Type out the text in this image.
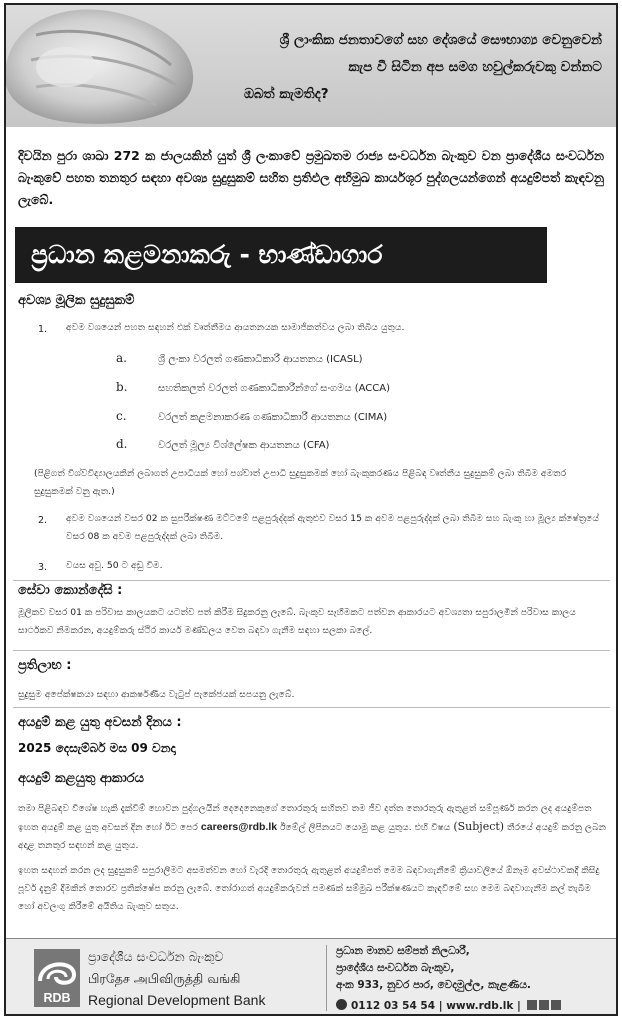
ශ්‍රී ලාංකික ජනතාවගේ සහ දේශයේ සෞභාග්‍ය වෙනුවෙන්
කැප වී සිටින අප සමග හවුල්කරුවකු වන්නට
ඔබත් කැමතිද?
දිවයින පුරා ශාඛා 272 ක ජාලයකින් යුත් ශ්‍රී ලංකාවේ ප්‍රමුඛතම රාජ්‍ය සංවර්ධන බැංකුව වන ප්‍රාදේශීය සංවර්ධන බැංකුවේ පහත තනතුර සඳහා අවශ්‍ය සුදුසුකම් සහිත ප්‍රතිඵල අභිමුඛ කාර්යශූර පුද්ගලයන්ගෙන් අයදුම්පත් කැඳවනු ලැබේ.
ප්‍රධාන කළමනාකරු - භාණ්ඩාගාර
අවශ්‍ය මූලික සුදුසුකම්
1. අවම වශයෙන් පහත සඳහන් එක් වෘත්තීමය ආයතනයක සාමාජිකත්වය ලබා තිබිය යුතුය.
a.	ශ්‍රී ලංකා වරලත් ගණකාධිකාරී ආයතනය (ICASL)
b.	සහතිකලත් වරලත් ගණකාධිකාරීන්ගේ සංගමය (ACCA)
c.	වරලත් කළමනාකරණ ගණකාධිකාරී ආයතනය (CIMA)
d.	වරලත් මූල්‍ය විශ්ලේෂක ආයතනය (CFA)
(පිළිගත් විශ්වවිද්‍යාලයකින් ලබාගත් උපාධියක් හෝ පශ්චාත් උපාධි සුදුසුකමක් හෝ බැංකුකරණය පිළිබඳ වෘත්තීය සුදුසුකම් ලබා තිබීම අමතර සුදුසුකමක් වනු ඇත.)
2. අවම වශයෙන් වසර 02 ක සුපරීක්ෂණ මට්ටමේ පළපුරුද්දක් ඇතුළුව වසර 15 ක අවම පළපුරුද්දක් ලබා තිබීම සහ බැංකු හා මූල්‍ය ක්ෂේත්‍රයේ වසර 08 ක අවම පළපුරුද්දක් ලබා තිබීම.
3. වයස අවු. 50 ට අඩු විම.
සේවා කොන්දේසි :
මූලිකව වසර 01 ක පරිවාස කාලයකට යටත්ව පත් කිරීම සිදුකරනු ලැබේ. බැංකුව සෑහීමකට පත්වන ආකාරයට අවශ්‍යතා සපුරාලමින් පරිවාස කාලය සාර්ථකව නිමකරන, අයදුම්කරු ස්ථිර කාර්ය මණ්ඩලය වෙත බඳවා ගැනීම සඳහා සලකා බලේ.
ප්‍රතිලාභ :
සුදුසුම අපේක්ෂකයා සඳහා ආකර්ෂණීය වැටුප් පැකේජයක් සපයනු ලැබේ.
අයදුම් කළ යුතු අවසන් දිනය :
2025 දෙසැම්බර් මස 09 වනදා
අයදුම් කළයුතු ආකාරය
තමා පිළිබඳව විශේෂ හැකි දැක්වීම් හොවන පුද්ගලයින් දෙදෙනෙකුගේ තොරතුරු සහිතව තම ජීව දත්ත තොරතුරු ඇතුළත් සම්පූර්ණ කරන ලද අයදුම්පත ඉහත අයදුම් කළ යුතු අවසන් දින හෝ ඊට පෙර careers@rdb.lk ඊමේල් ලිපිනයට යොමු කළ යුතුය. එහි විෂය (Subject) තීරයේ අයදුම් කරනු ලබන අදාළ තනතුර සඳහන් කළ යුතුය.
ඉහත සඳහන් කරන ලද සුදුසුකම් සපුරාලීමට අසමත්වන හෝ වැරදි තොරතුරු ඇතුළත් අයදුම්පත් මෙම බඳවාගැනීමේ ක්‍රියාවලියේ ඕනෑම අවස්ථාවකදී කිසිදු පූර්ව දැනුම් දීමකින් තොරව ප්‍රතික්ෂේප කරනු ලැබේ. තෝරාගත් අයදුම්කරුවන් පමණක් සම්මුඛ පරීක්ෂණයට කැඳවීමේ සහ මෙම බඳවාගැනීම කල් තැබීම හෝ අවලංගු කිරීමේ අයිතිය බැංකුව සතුය.
RDB
ප්‍රාදේශීය සංවර්ධන බැංකුව
பிரதேச அபிவிருத்தி வங்கி
Regional Development Bank
ප්‍රධාන මානව සම්පත් නිලධාරී,
ප්‍රාදේශීය සංවර්ධන බැංකුව,
අංක 933, නුවර පාර, වෙදමුල්ල, කැළණිය.
0112 03 54 54 | www.rdb.lk |
